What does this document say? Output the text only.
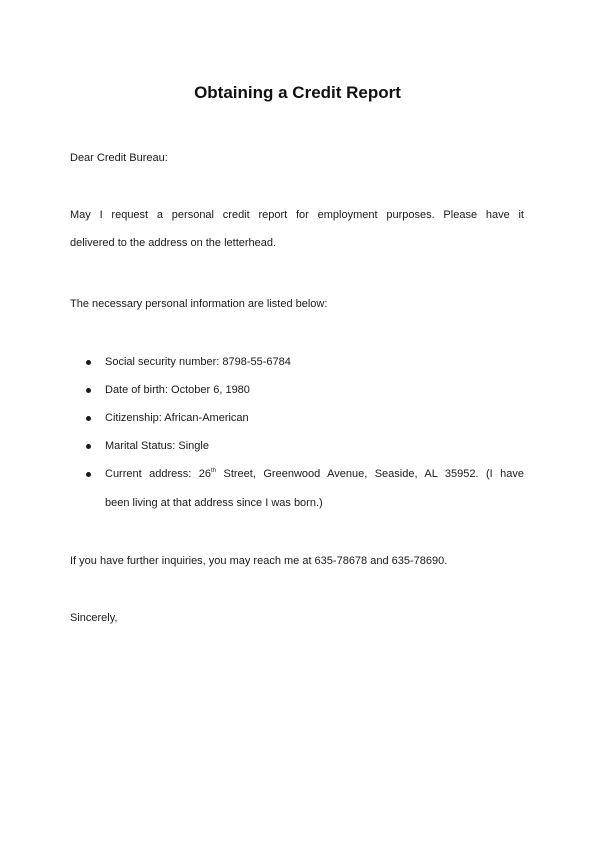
Obtaining a Credit Report
Dear Credit Bureau:
May I request a personal credit report for employment purposes. Please have it
delivered to the address on the letterhead.
The necessary personal information are listed below:
Social security number: 8798-55-6784
Date of birth: October 6, 1980
Citizenship: African-American
Marital Status: Single
Current address: 26th Street, Greenwood Avenue, Seaside, AL 35952. (I have
been living at that address since I was born.)
If you have further inquiries, you may reach me at 635-78678 and 635-78690.
Sincerely,
